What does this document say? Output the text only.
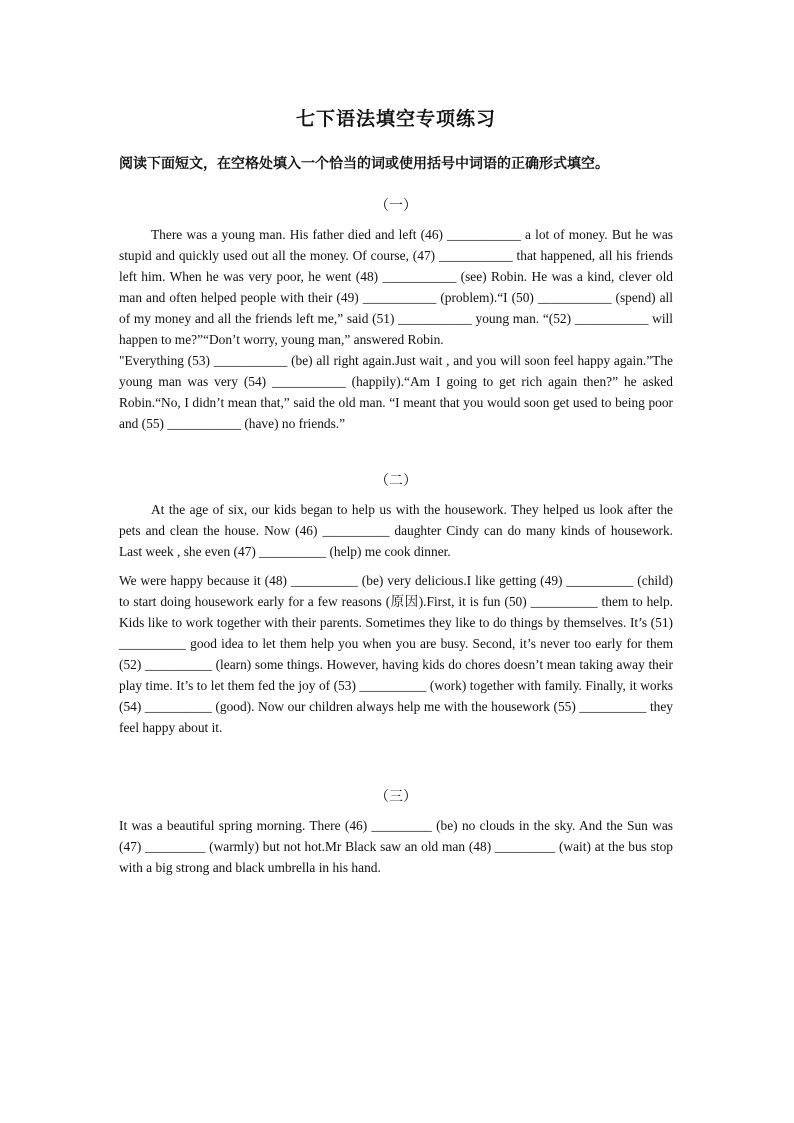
七下语法填空专项练习
阅读下面短文，在空格处填入一个恰当的词或使用括号中词语的正确形式填空。
（一）

There was a young man. His father died and left (46) ___________ a lot of money. But he was stupid and quickly used out all the money. Of course, (47) ___________ that happened, all his friends left him. When he was very poor, he went (48) ___________ (see) Robin. He was a kind, clever old man and often helped people with their (49) ___________ (problem).“I (50) ___________ (spend) all of my money and all the friends left me,” said (51) ___________ young man. “(52) ___________ will happen to me?”“Don’t worry, young man,” answered Robin.

"Everything (53) ___________ (be) all right again.Just wait , and you will soon feel happy again.”The young man was very (54) ___________ (happily).“Am I going to get rich again then?” he asked Robin.“No, I didn’t mean that,” said the old man. “I meant that you would soon get used to being poor and (55) ___________ (have) no friends.”

（二）

At the age of six, our kids began to help us with the housework. They helped us look after the pets and clean the house. Now (46) __________ daughter Cindy can do many kinds of housework. Last week , she even (47) __________ (help) me cook dinner.

We were happy because it (48) __________ (be) very delicious.I like getting (49) __________ (child) to start doing housework early for a few reasons (原因).First, it is fun (50) __________ them to help. Kids like to work together with their parents. Sometimes they like to do things by themselves. It’s (51) __________ good idea to let them help you when you are busy. Second, it’s never too early for them (52) __________ (learn) some things. However, having kids do chores doesn’t mean taking away their play time. It’s to let them fed the joy of (53) __________ (work) together with family. Finally, it works (54) __________ (good). Now our children always help me with the housework (55) __________ they feel happy about it.

（三）

It was a beautiful spring morning. There (46) _________ (be) no clouds in the sky. And the Sun was (47) _________ (warmly) but not hot.Mr Black saw an old man (48) _________ (wait) at the bus stop with a big strong and black umbrella in his hand.
